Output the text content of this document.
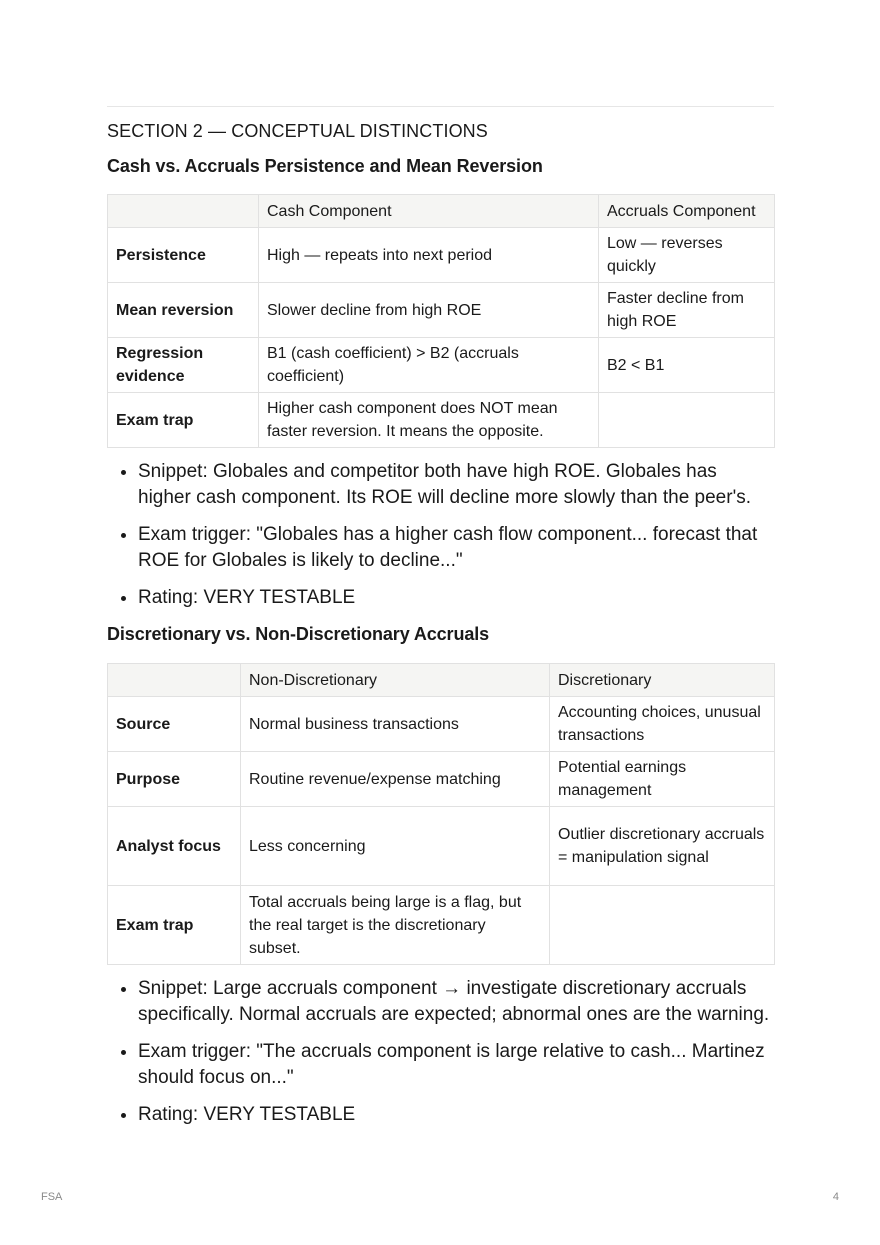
SECTION 2 — CONCEPTUAL DISTINCTIONS
Cash vs. Accruals Persistence and Mean Reversion
	Cash Component	Accruals Component
Persistence	High — repeats into next period	Low — reverses quickly
Mean reversion	Slower decline from high ROE	Faster decline from high ROE
Regression evidence	B1 (cash coefficient) > B2 (accruals coefficient)	B2 < B1
Exam trap	Higher cash component does NOT mean faster reversion. It means the opposite.	
• Snippet: Globales and competitor both have high ROE. Globales has higher cash component. Its ROE will decline more slowly than the peer's.
• Exam trigger: "Globales has a higher cash flow component... forecast that ROE for Globales is likely to decline..."
• Rating: VERY TESTABLE
Discretionary vs. Non-Discretionary Accruals
	Non-Discretionary	Discretionary
Source	Normal business transactions	Accounting choices, unusual transactions
Purpose	Routine revenue/expense matching	Potential earnings management
Analyst focus	Less concerning	Outlier discretionary accruals = manipulation signal
Exam trap	Total accruals being large is a flag, but the real target is the discretionary subset.	
• Snippet: Large accruals component → investigate discretionary accruals specifically. Normal accruals are expected; abnormal ones are the warning.
• Exam trigger: "The accruals component is large relative to cash... Martinez should focus on..."
• Rating: VERY TESTABLE
FSA	4
